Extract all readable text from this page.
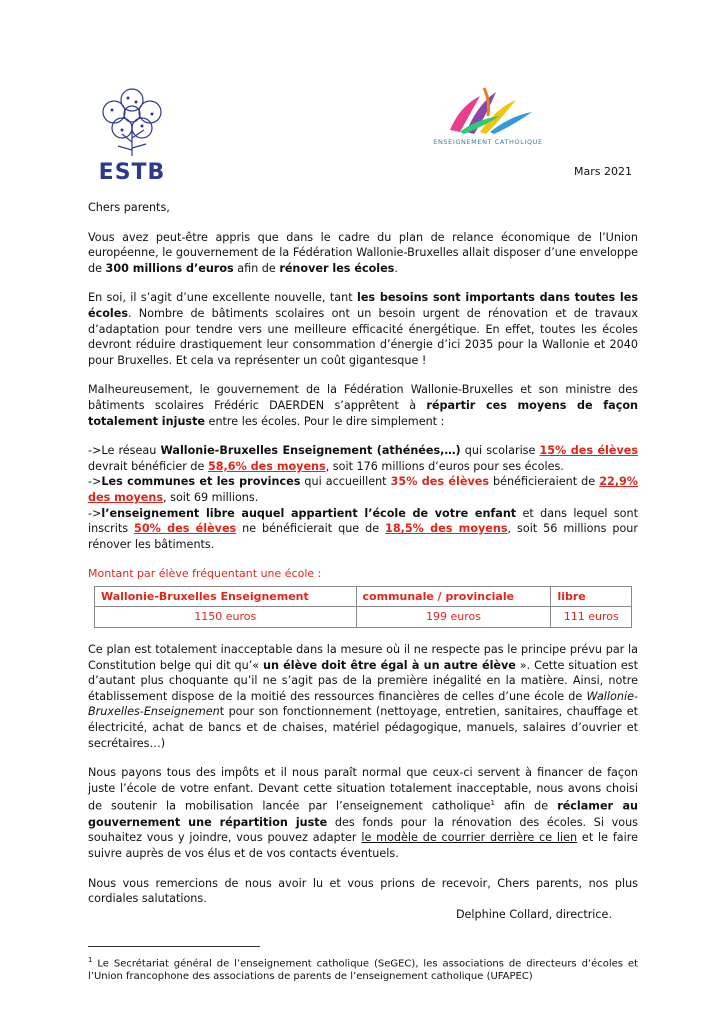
ESTB
ENSEIGNEMENT CATHOLIQUE
Mars 2021

Chers parents,

Vous avez peut-être appris que dans le cadre du plan de relance économique de l’Union européenne, le gouvernement de la Fédération Wallonie-Bruxelles allait disposer d’une enveloppe de 300 millions d’euros afin de rénover les écoles.

En soi, il s’agit d’une excellente nouvelle, tant les besoins sont importants dans toutes les écoles. Nombre de bâtiments scolaires ont un besoin urgent de rénovation et de travaux d’adaptation pour tendre vers une meilleure efficacité énergétique. En effet, toutes les écoles devront réduire drastiquement leur consommation d’énergie d’ici 2035 pour la Wallonie et 2040 pour Bruxelles. Et cela va représenter un coût gigantesque !

Malheureusement, le gouvernement de la Fédération Wallonie-Bruxelles et son ministre des bâtiments scolaires Frédéric DAERDEN s’apprêtent à répartir ces moyens de façon totalement injuste entre les écoles. Pour le dire simplement :

->Le réseau Wallonie-Bruxelles Enseignement (athénées,…) qui scolarise 15% des élèves devrait bénéficier de 58,6% des moyens, soit 176 millions d’euros pour ses écoles.

->Les communes et les provinces qui accueillent 35% des élèves bénéficieraient de 22,9% des moyens, soit 69 millions.

->l’enseignement libre auquel appartient l’école de votre enfant et dans lequel sont inscrits 50% des élèves ne bénéficierait que de 18,5% des moyens, soit 56 millions pour rénover les bâtiments.

Montant par élève fréquentant une école :
Wallonie-Bruxelles Enseignement	communale / provinciale	libre
1150 euros	199 euros	111 euros

Ce plan est totalement inacceptable dans la mesure où il ne respecte pas le principe prévu par la Constitution belge qui dit qu’« un élève doit être égal à un autre élève ». Cette situation est d’autant plus choquante qu’il ne s’agit pas de la première inégalité en la matière. Ainsi, notre établissement dispose de la moitié des ressources financières de celles d’une école de Wallonie-Bruxelles-Enseignement pour son fonctionnement (nettoyage, entretien, sanitaires, chauffage et électricité, achat de bancs et de chaises, matériel pédagogique, manuels, salaires d’ouvrier et secrétaires…)

Nous payons tous des impôts et il nous paraît normal que ceux-ci servent à financer de façon juste l’école de votre enfant. Devant cette situation totalement inacceptable, nous avons choisi de soutenir la mobilisation lancée par l’enseignement catholique$^1$ afin de réclamer au gouvernement une répartition juste des fonds pour la rénovation des écoles. Si vous souhaitez vous y joindre, vous pouvez adapter le modèle de courrier derrière ce lien et le faire suivre auprès de vos élus et de vos contacts éventuels.

Nous vous remercions de nous avoir lu et vous prions de recevoir, Chers parents, nos plus cordiales salutations.

Delphine Collard, directrice.
$^1$ Le Secrétariat général de l’enseignement catholique (SeGEC), les associations de directeurs d’écoles et l’Union francophone des associations de parents de l’enseignement catholique (UFAPEC)
